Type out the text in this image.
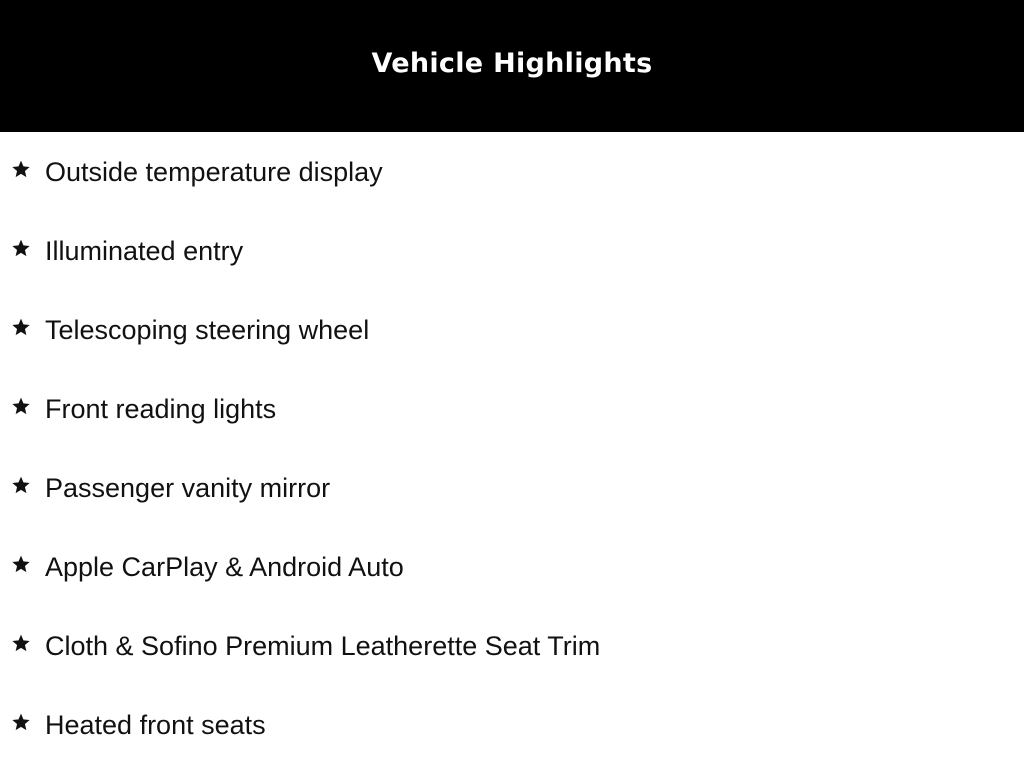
Vehicle Highlights
Outside temperature display
Illuminated entry
Telescoping steering wheel
Front reading lights
Passenger vanity mirror
Apple CarPlay & Android Auto
Cloth & Sofino Premium Leatherette Seat Trim
Heated front seats
